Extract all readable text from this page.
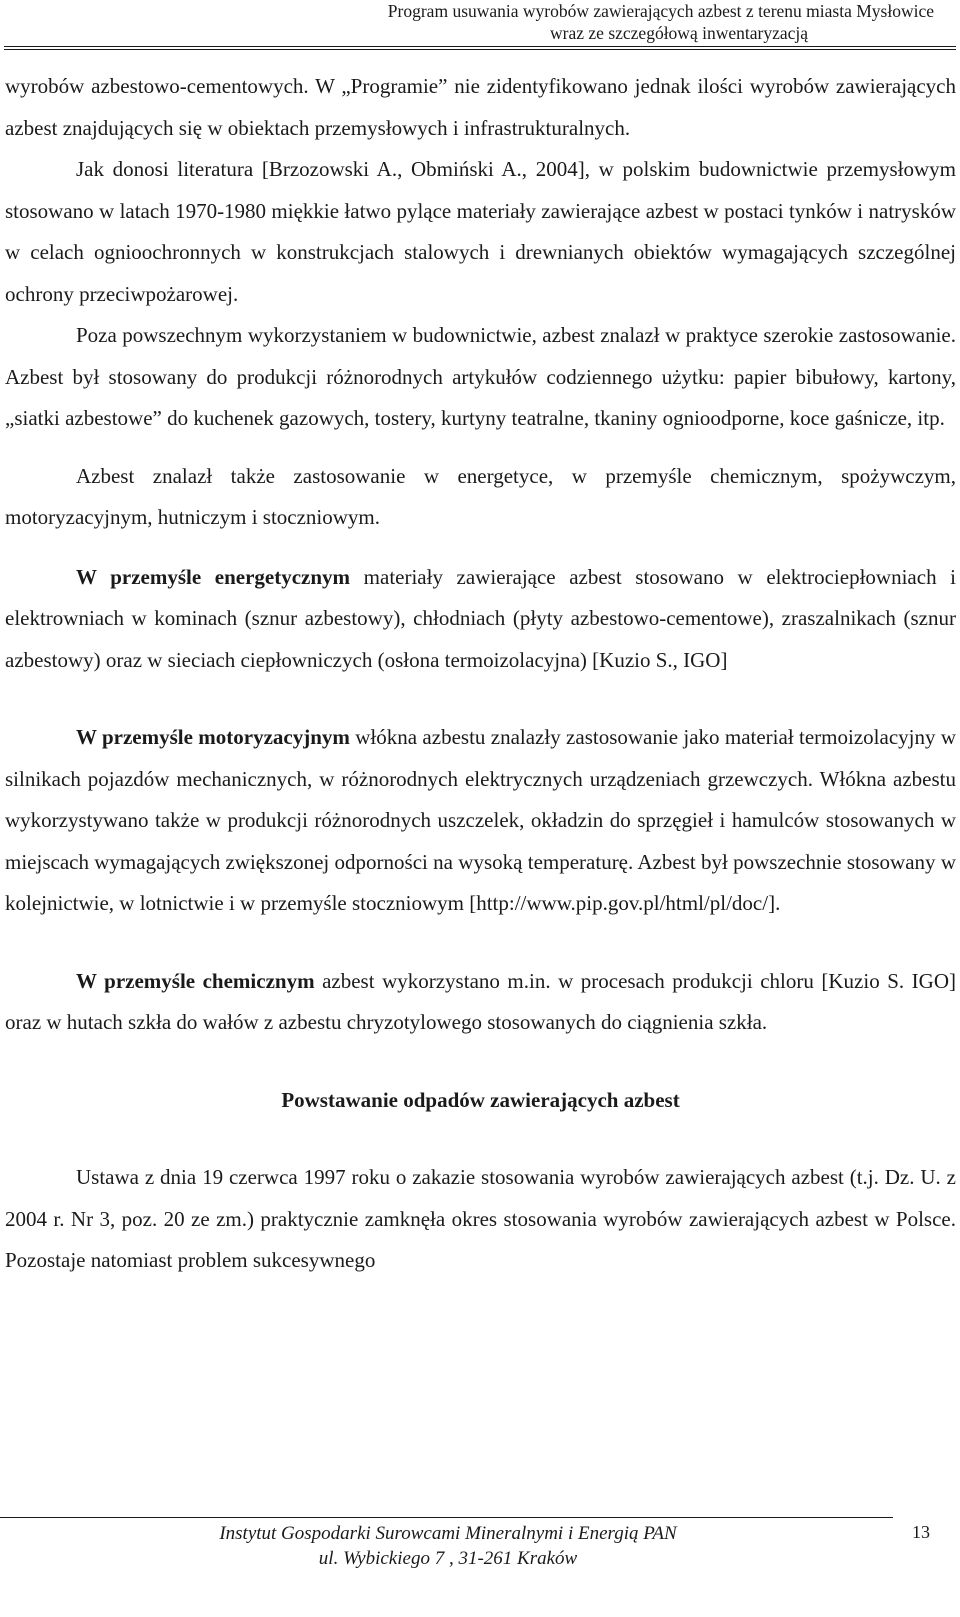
Program usuwania wyrobów zawierających azbest z terenu miasta Mysłowice
wraz ze szczegółową inwentaryzacją

wyrobów azbestowo-cementowych. W „Programie” nie zidentyfikowano jednak ilości wyrobów zawierających azbest znajdujących się w obiektach przemysłowych i infrastrukturalnych.

Jak donosi literatura [Brzozowski A., Obmiński A., 2004], w polskim budownictwie przemysłowym stosowano w latach 1970-1980 miękkie łatwo pylące materiały zawierające azbest w postaci tynków i natrysków w celach ognioochronnych w konstrukcjach stalowych i drewnianych obiektów wymagających szczególnej ochrony przeciwpożarowej.

Poza powszechnym wykorzystaniem w budownictwie, azbest znalazł w praktyce szerokie zastosowanie. Azbest był stosowany do produkcji różnorodnych artykułów codziennego użytku: papier bibułowy, kartony, „siatki azbestowe” do kuchenek gazowych, tostery, kurtyny teatralne, tkaniny ognioodporne, koce gaśnicze, itp.

Azbest znalazł także zastosowanie w energetyce, w przemyśle chemicznym, spożywczym, motoryzacyjnym, hutniczym i stoczniowym.

W przemyśle energetycznym materiały zawierające azbest stosowano w elektrociepłowniach i elektrowniach w kominach (sznur azbestowy), chłodniach (płyty azbestowo-cementowe), zraszalnikach (sznur azbestowy) oraz w sieciach ciepłowniczych (osłona termoizolacyjna) [Kuzio S., IGO]

W przemyśle motoryzacyjnym włókna azbestu znalazły zastosowanie jako materiał termoizolacyjny w silnikach pojazdów mechanicznych, w różnorodnych elektrycznych urządzeniach grzewczych. Włókna azbestu wykorzystywano także w produkcji różnorodnych uszczelek, okładzin do sprzęgieł i hamulców stosowanych w miejscach wymagających zwiększonej odporności na wysoką temperaturę. Azbest był powszechnie stosowany w kolejnictwie, w lotnictwie i w przemyśle stoczniowym [http://www.pip.gov.pl/html/pl/doc/].

W przemyśle chemicznym azbest wykorzystano m.in. w procesach produkcji chloru [Kuzio S. IGO] oraz w hutach szkła do wałów z azbestu chryzotylowego stosowanych do ciągnienia szkła.

Powstawanie odpadów zawierających azbest

Ustawa z dnia 19 czerwca 1997 roku o zakazie stosowania wyrobów zawierających azbest (t.j. Dz. U. z 2004 r. Nr 3, poz. 20 ze zm.) praktycznie zamknęła okres stosowania wyrobów zawierających azbest w Polsce. Pozostaje natomiast problem sukcesywnego

Instytut Gospodarki Surowcami Mineralnymi i Energią PAN
ul. Wybickiego 7 , 31-261 Kraków
13
